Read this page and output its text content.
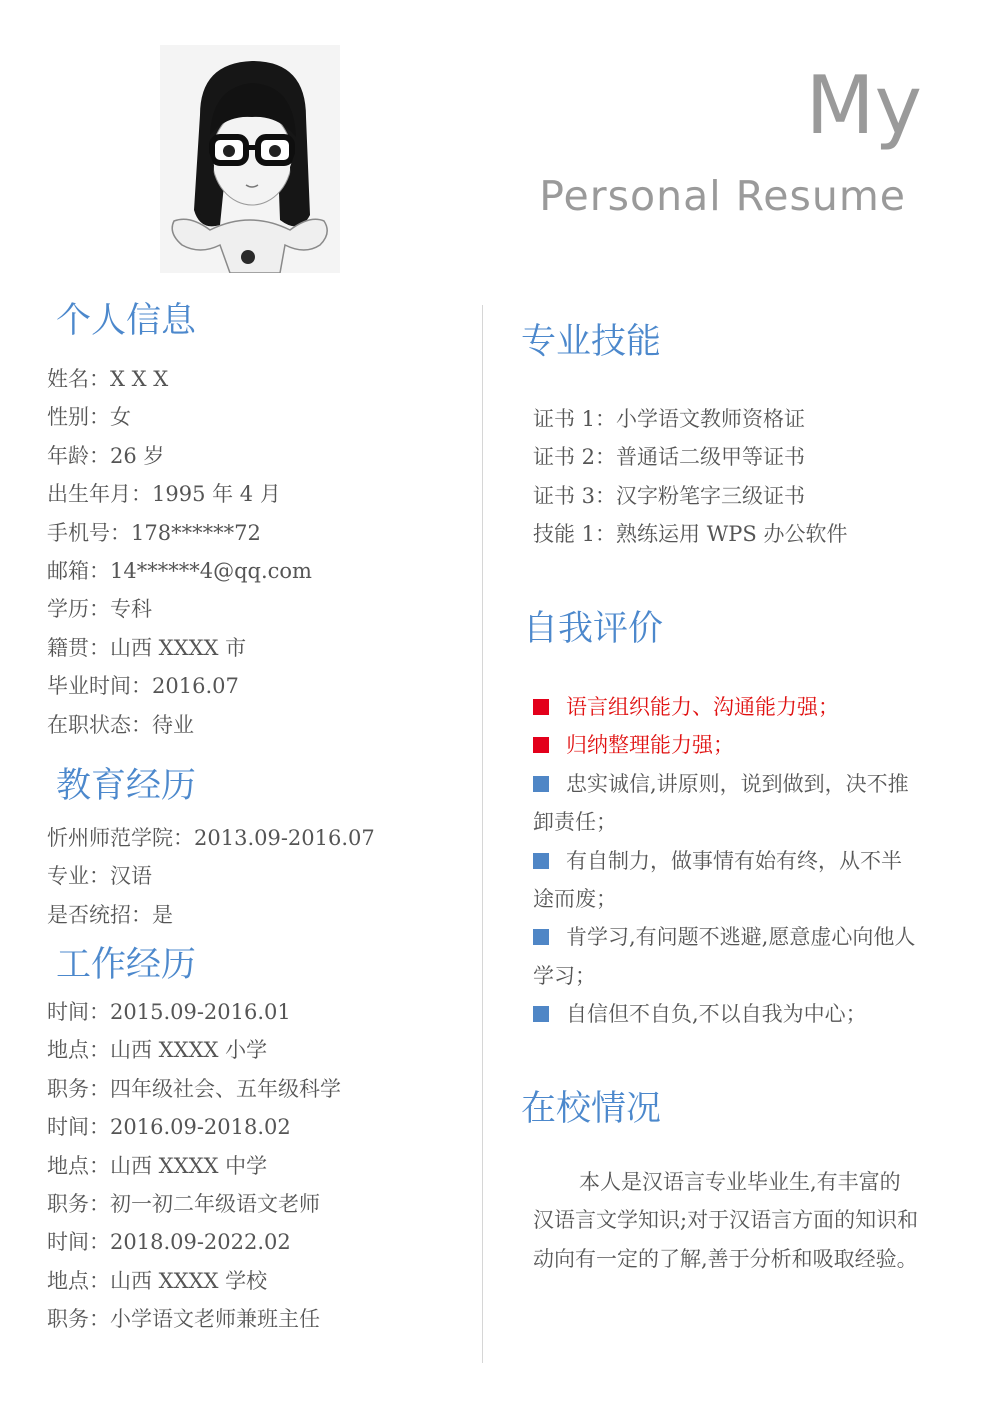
My
Personal Resume
个人信息
姓名：X X X
性别：女
年龄：26 岁
出生年月：1995 年 4 月
手机号：178******72
邮箱：14******4@qq.com
学历：专科
籍贯：山西 XXXX 市
毕业时间：2016.07
在职状态：待业
教育经历
忻州师范学院：2013.09-2016.07
专业：汉语
是否统招：是
工作经历
时间：2015.09-2016.01
地点：山西 XXXX 小学
职务：四年级社会、五年级科学
时间：2016.09-2018.02
地点：山西 XXXX 中学
职务：初一初二年级语文老师
时间：2018.09-2022.02
地点：山西 XXXX 学校
职务：小学语文老师兼班主任
专业技能
证书 1：小学语文教师资格证
证书 2：普通话二级甲等证书
证书 3：汉字粉笔字三级证书
技能 1：熟练运用 WPS 办公软件
自我评价
语言组织能力、沟通能力强；
归纳整理能力强；
忠实诚信,讲原则，说到做到，决不推卸责任；
有自制力，做事情有始有终，从不半途而废；
肯学习,有问题不逃避,愿意虚心向他人学习；
自信但不自负,不以自我为中心；
在校情况

本人是汉语言专业毕业生,有丰富的汉语言文学知识;对于汉语言方面的知识和动向有一定的了解,善于分析和吸取经验。
